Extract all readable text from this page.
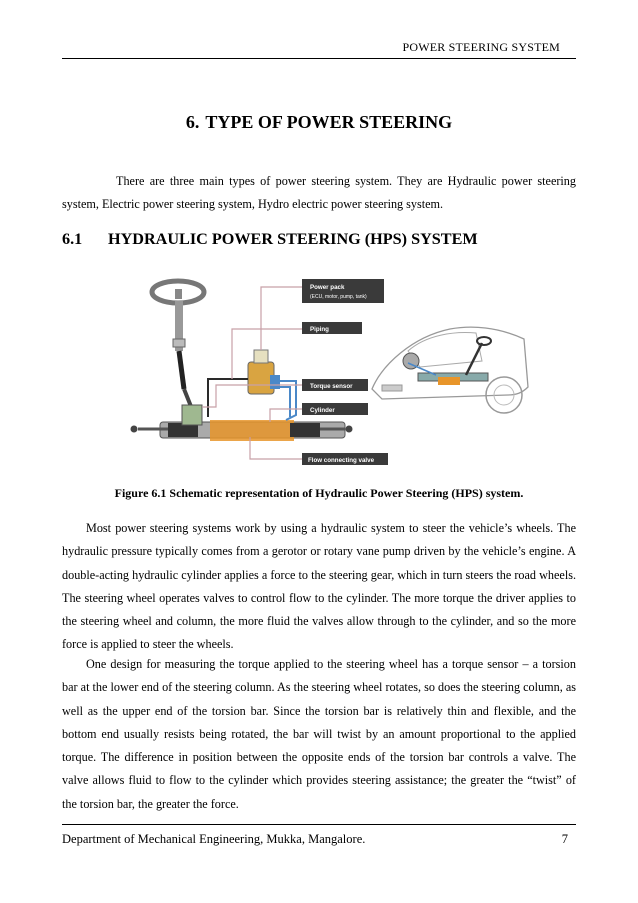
POWER STEERING SYSTEM
6. TYPE OF POWER STEERING
There are three main types of power steering system. They are Hydraulic power steering system, Electric power steering system, Hydro electric power steering system.
6.1 HYDRAULIC POWER STEERING (HPS) SYSTEM
Power pack
(ECU, motor, pump, tank)
Piping
Torque sensor
Cylinder
Flow connecting valve
Figure 6.1 Schematic representation of Hydraulic Power Steering (HPS) system.
Most power steering systems work by using a hydraulic system to steer the vehicle’s wheels. The hydraulic pressure typically comes from a gerotor or rotary vane pump driven by the vehicle’s engine. A double-acting hydraulic cylinder applies a force to the steering gear, which in turn steers the road wheels. The steering wheel operates valves to control flow to the cylinder. The more torque the driver applies to the steering wheel and column, the more fluid the valves allow through to the cylinder, and so the more force is applied to steer the wheels.
One design for measuring the torque applied to the steering wheel has a torque sensor – a torsion bar at the lower end of the steering column. As the steering wheel rotates, so does the steering column, as well as the upper end of the torsion bar. Since the torsion bar is relatively thin and flexible, and the bottom end usually resists being rotated, the bar will twist by an amount proportional to the applied torque. The difference in position between the opposite ends of the torsion bar controls a valve. The valve allows fluid to flow to the cylinder which provides steering assistance; the greater the “twist” of the torsion bar, the greater the force.
Department of Mechanical Engineering, Mukka, Mangalore.	7
